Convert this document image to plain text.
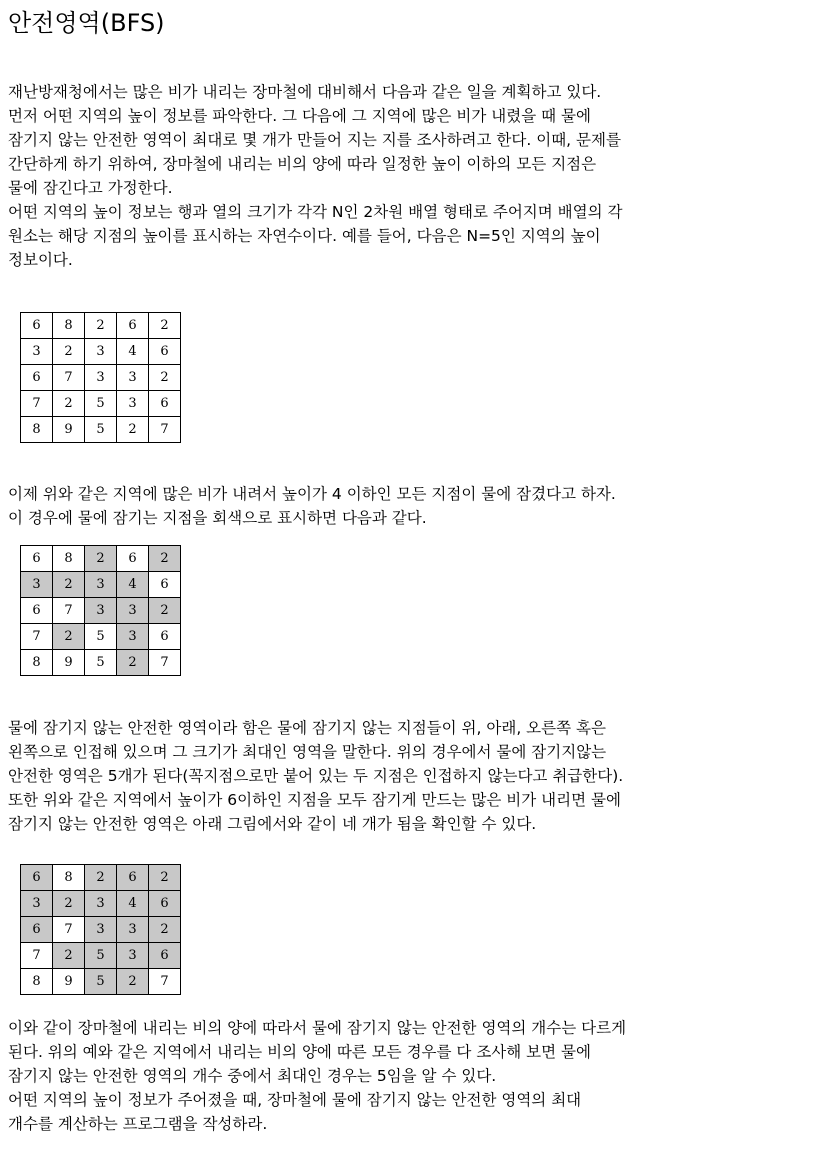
안전영역(BFS)
재난방재청에서는 많은 비가 내리는 장마철에 대비해서 다음과 같은 일을 계획하고 있다.
먼저 어떤 지역의 높이 정보를 파악한다. 그 다음에 그 지역에 많은 비가 내렸을 때 물에
잠기지 않는 안전한 영역이 최대로 몇 개가 만들어 지는 지를 조사하려고 한다. 이때, 문제를
간단하게 하기 위하여, 장마철에 내리는 비의 양에 따라 일정한 높이 이하의 모든 지점은
물에 잠긴다고 가정한다.
어떤 지역의 높이 정보는 행과 열의 크기가 각각 N인 2차원 배열 형태로 주어지며 배열의 각
원소는 해당 지점의 높이를 표시하는 자연수이다. 예를 들어, 다음은 N=5인 지역의 높이
정보이다.
6	8	2	6	2
3	2	3	4	6
6	7	3	3	2
7	2	5	3	6
8	9	5	2	7
이제 위와 같은 지역에 많은 비가 내려서 높이가 4 이하인 모든 지점이 물에 잠겼다고 하자.
이 경우에 물에 잠기는 지점을 회색으로 표시하면 다음과 같다.
6	8	2	6	2
3	2	3	4	6
6	7	3	3	2
7	2	5	3	6
8	9	5	2	7
물에 잠기지 않는 안전한 영역이라 함은 물에 잠기지 않는 지점들이 위, 아래, 오른쪽 혹은
왼쪽으로 인접해 있으며 그 크기가 최대인 영역을 말한다. 위의 경우에서 물에 잠기지않는
안전한 영역은 5개가 된다(꼭지점으로만 붙어 있는 두 지점은 인접하지 않는다고 취급한다).
또한 위와 같은 지역에서 높이가 6이하인 지점을 모두 잠기게 만드는 많은 비가 내리면 물에
잠기지 않는 안전한 영역은 아래 그림에서와 같이 네 개가 됨을 확인할 수 있다.
6	8	2	6	2
3	2	3	4	6
6	7	3	3	2
7	2	5	3	6
8	9	5	2	7
이와 같이 장마철에 내리는 비의 양에 따라서 물에 잠기지 않는 안전한 영역의 개수는 다르게
된다. 위의 예와 같은 지역에서 내리는 비의 양에 따른 모든 경우를 다 조사해 보면 물에
잠기지 않는 안전한 영역의 개수 중에서 최대인 경우는 5임을 알 수 있다.
어떤 지역의 높이 정보가 주어졌을 때, 장마철에 물에 잠기지 않는 안전한 영역의 최대
개수를 계산하는 프로그램을 작성하라.
